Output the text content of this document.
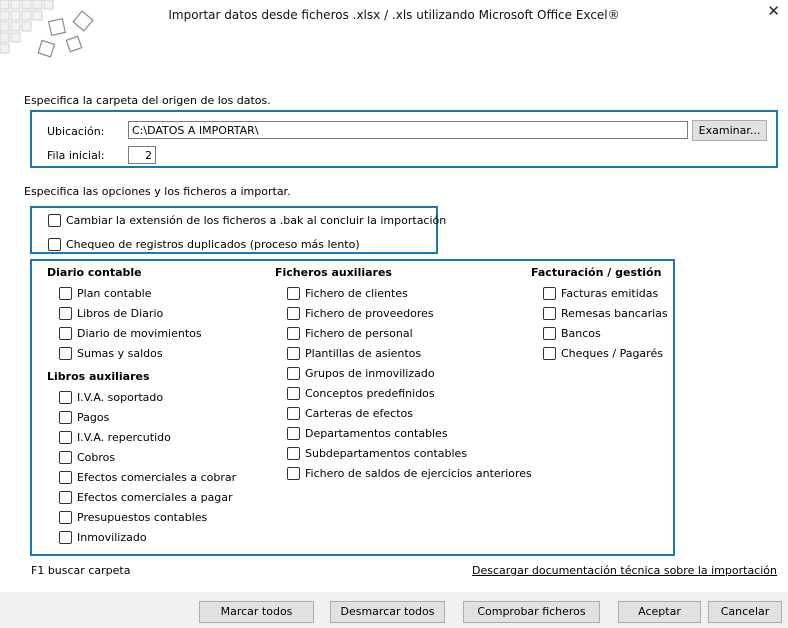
Importar datos desde ficheros .xlsx / .xls utilizando Microsoft Office Excel®	✕
Especifica la carpeta del origen de los datos.
Ubicación:
C:\DATOS A IMPORTAR\	Examinar...
Fila inicial:
2
Especifica las opciones y los ficheros a importar.
Cambiar la extensión de los ficheros a .bak al concluir la importación
Chequeo de registros duplicados (proceso más lento)
Diario contable
Plan contable
Libros de Diario
Diario de movimientos
Sumas y saldos
Libros auxiliares
I.V.A. soportado
Pagos
I.V.A. repercutido
Cobros
Efectos comerciales a cobrar
Efectos comerciales a pagar
Presupuestos contables
Inmovilizado
Ficheros auxiliares
Fichero de clientes
Fichero de proveedores
Fichero de personal
Plantillas de asientos
Grupos de inmovilizado
Conceptos predefinidos
Carteras de efectos
Departamentos contables
Subdepartamentos contables
Fichero de saldos de ejercicios anteriores
Facturación / gestión
Facturas emitidas
Remesas bancarias
Bancos
Cheques / Pagarés
F1 buscar carpeta	Descargar documentación técnica sobre la importación
Marcar todos	Desmarcar todos	Comprobar ficheros	Aceptar	Cancelar
